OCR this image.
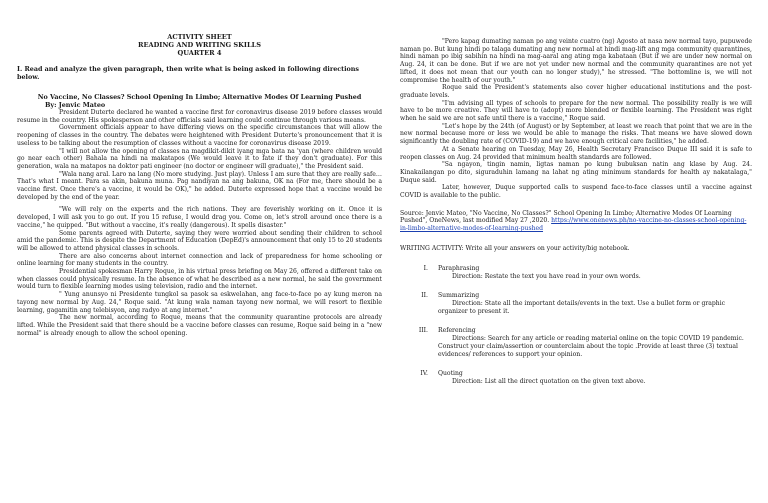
ACTIVITY SHEET
READING AND WRITING SKILLS
QUARTER 4
I. Read and analyze the given paragraph, then write what is being asked in following directions below.
No Vaccine, No Classes? School Opening In Limbo; Alternative Modes Of Learning Pushed
By: Jenvic Mateo

President Duterte declared he wanted a vaccine first for coronavirus disease 2019 before classes would resume in the country. His spokesperson and other officials said learning could continue through various means.

Government officials appear to have differing views on the specific circumstances that will allow the reopening of classes in the country. The debates were heightened with President Duterte's pronouncement that it is useless to be talking about the resumption of classes without a vaccine for coronavirus disease 2019.

"I will not allow the opening of classes na magdikit-dikit iyang mga bata na 'yan (where children would go near each other) Bahala na hindi na makatapos (We would leave it to fate if they don't graduate). For this generation, wala na matapos na doktor pati engineer (no doctor or engineer will graduate)," the President said.

"Wala nang aral. Laro na lang (No more studying. Just play). Unless I am sure that they are really safe…That's what I meant. Para sa akin, bakuna muna. Pag nandiyan na ang bakuna, OK na (For me, there should be a vaccine first. Once there's a vaccine, it would be OK)," he added. Duterte expressed hope that a vaccine would be developed by the end of the year.

"We will rely on the experts and the rich nations. They are feverishly working on it. Once it is developed, I will ask you to go out. If you 15 refuse, I would drag you. Come on, let's stroll around once there is a vaccine," he quipped. "But without a vaccine, it's really (dangerous). It spells disaster."

Some parents agreed with Duterte, saying they were worried about sending their children to school amid the pandemic. This is despite the Department of Education (DepEd)'s announcement that only 15 to 20 students will be allowed to attend physical classes in schools.

There are also concerns about internet connection and lack of preparedness for home schooling or online learning for many students in the country.

Presidential spokesman Harry Roque, in his virtual press briefing on May 26, offered a different take on when classes could physically resume. In the absence of what he described as a new normal, he said the government would turn to flexible learning modes using television, radio and the internet.

" Yung anunsyo ni Presidente tungkol sa pasok sa eskwelahan, ang face-to-face po ay kung meron na tayong new normal by Aug. 24," Roque said. "At kung wala naman tayong new normal, we will resort to flexible learning, gagamitin ang telebisyon, ang radyo at ang internet."

The new normal, according to Roque, means that the community quarantine protocols are already lifted. While the President said that there should be a vaccine before classes can resume, Roque said being in a "new normal" is already enough to allow the school opening.

"Pero kapag dumating naman po ang veinte cuatro (ng) Agosto at nasa new normal tayo, pupuwede naman po. But kung hindi po talaga dumating ang new normal at hindi mag-lift ang mga community quarantines, hindi naman po ibig sabihin na hindi na mag-aaral ang ating mga kabataan (But if we are under new normal on Aug. 24, it can be done. But if we are not yet under new normal and the community quarantines are not yet lifted, it does not mean that our youth can no longer study)," he stressed. "The bottomline is, we will not compromise the health of our youth."

Roque said the President's statements also cover higher educational institutions and the post-graduate levels.

"I'm advising all types of schools to prepare for the new normal. The possibility really is we will have to be more creative. They will have to (adopt) more blended or flexible learning. The President was right when he said we are not safe until there is a vaccine," Roque said.

"Let's hope by the 24th (of August) or by September, at least we reach that point that we are in the new normal because more or less we would be able to manage the risks. That means we have slowed down significantly the doubling rate of (COVID-19) and we have enough critical care facilities," he added.

At a Senate hearing on Tuesday, May 26, Health Secretary Francisco Duque III said it is safe to reopen classes on Aug. 24 provided that minimum health standards are followed.

"Sa ngayon, tingin namin, ligtas naman po kung bubuksan natin ang klase by Aug. 24. Kinakailangan po dito, siguraduhin lamang na lahat ng ating minimum standards for health ay nakatalaga," Duque said.

Later, however, Duque supported calls to suspend face-to-face classes until a vaccine against COVID is available to the public.

Source: Jenvic Mateo, "No Vaccine, No Classes?" School Opening In Limbo; Alternative Modes Of Learning Pushed", OneNews, last modified May 27 ,2020. https://www.onenews.ph/no-vaccine-no-classes-school-opening-in-limbo-alternative-modes-of-learning-pushed
WRITING ACTIVITY: Write all your answers on your activity/big notebook.
I.	Paraphrasing
Direction: Restate the text you have read in your own words.
II.	Summarizing
Direction: State all the important details/events in the text. Use a bullet form or graphic organizer to present it.
III.	Referencing
Directions: Search for any article or reading material online on the topic COVID 19 pandemic. Construct your claim/assertion or counterclaim about the topic .Provide at least three (3) textual evidences/ references to support your opinion.
IV.	Quoting
Direction: List all the direct quotation on the given text above.
